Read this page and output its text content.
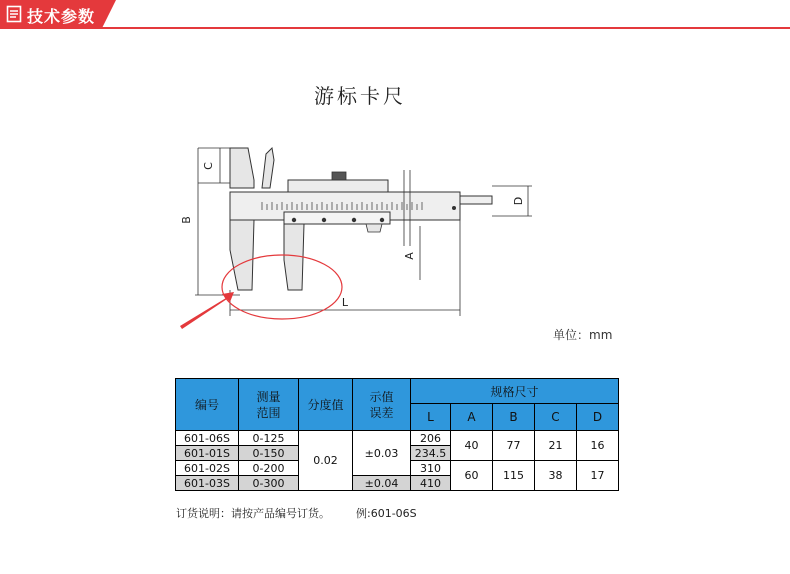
技术参数
游标卡尺
C
B
D
A
L
单位：mm
编号	测量范围	分度值	示值误差	规格尺寸				
				L	A	B	C	D
601-06S	0-125	0.02	±0.03	206	40	77	21	16
601-01S	0-150			234.5				
601-02S	0-200			310	60	115	38	17
601-03S	0-300		±0.04	410				
订货说明：请按产品编号订货。 例:601-06S
